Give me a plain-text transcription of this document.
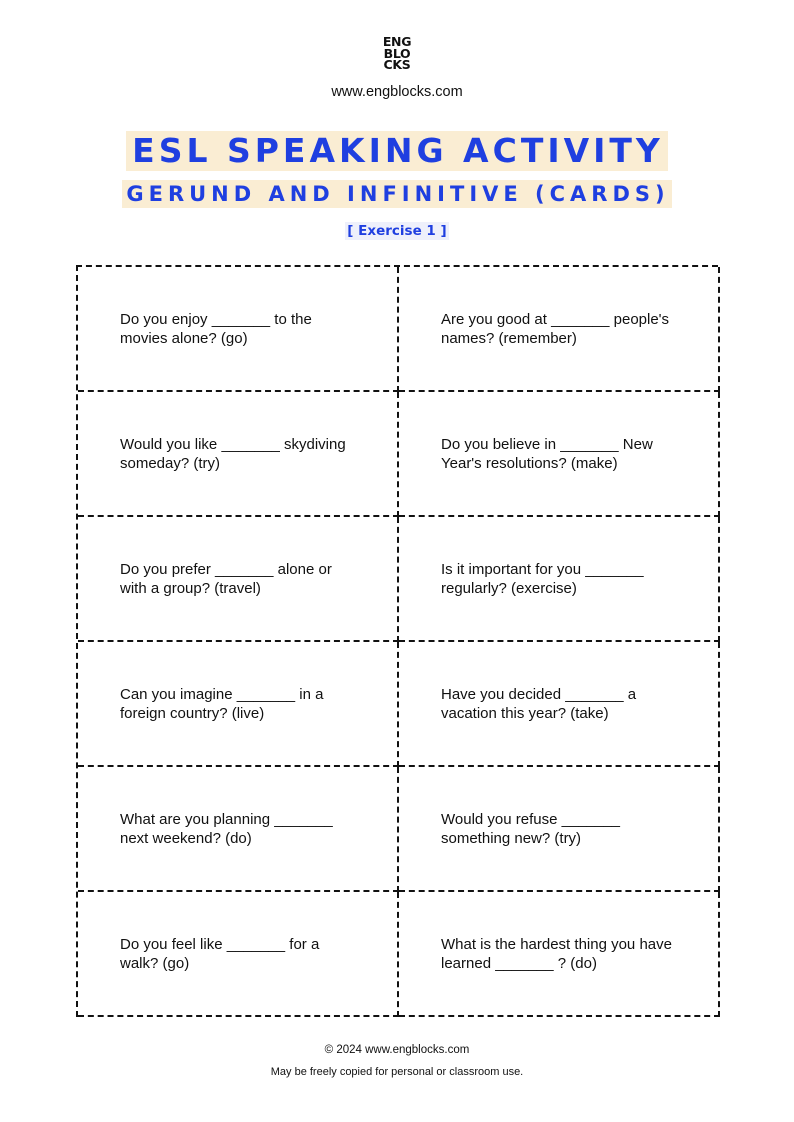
ENG
BLO
CKS
www.engblocks.com
ESL SPEAKING ACTIVITY
GERUND AND INFINITIVE (CARDS)
[ Exercise 1 ]
Do you enjoy _______ to the movies alone? (go)
Are you good at _______ people's names? (remember)
Would you like _______ skydiving someday? (try)
Do you believe in _______ New Year's resolutions? (make)
Do you prefer _______ alone or with a group? (travel)
Is it important for you _______ regularly? (exercise)
Can you imagine _______ in a foreign country? (live)
Have you decided _______ a vacation this year? (take)
What are you planning _______ next weekend? (do)
Would you refuse _______ something new? (try)
Do you feel like _______ for a walk? (go)
What is the hardest thing you have learned _______ ? (do)
© 2024 www.engblocks.com
May be freely copied for personal or classroom use.
